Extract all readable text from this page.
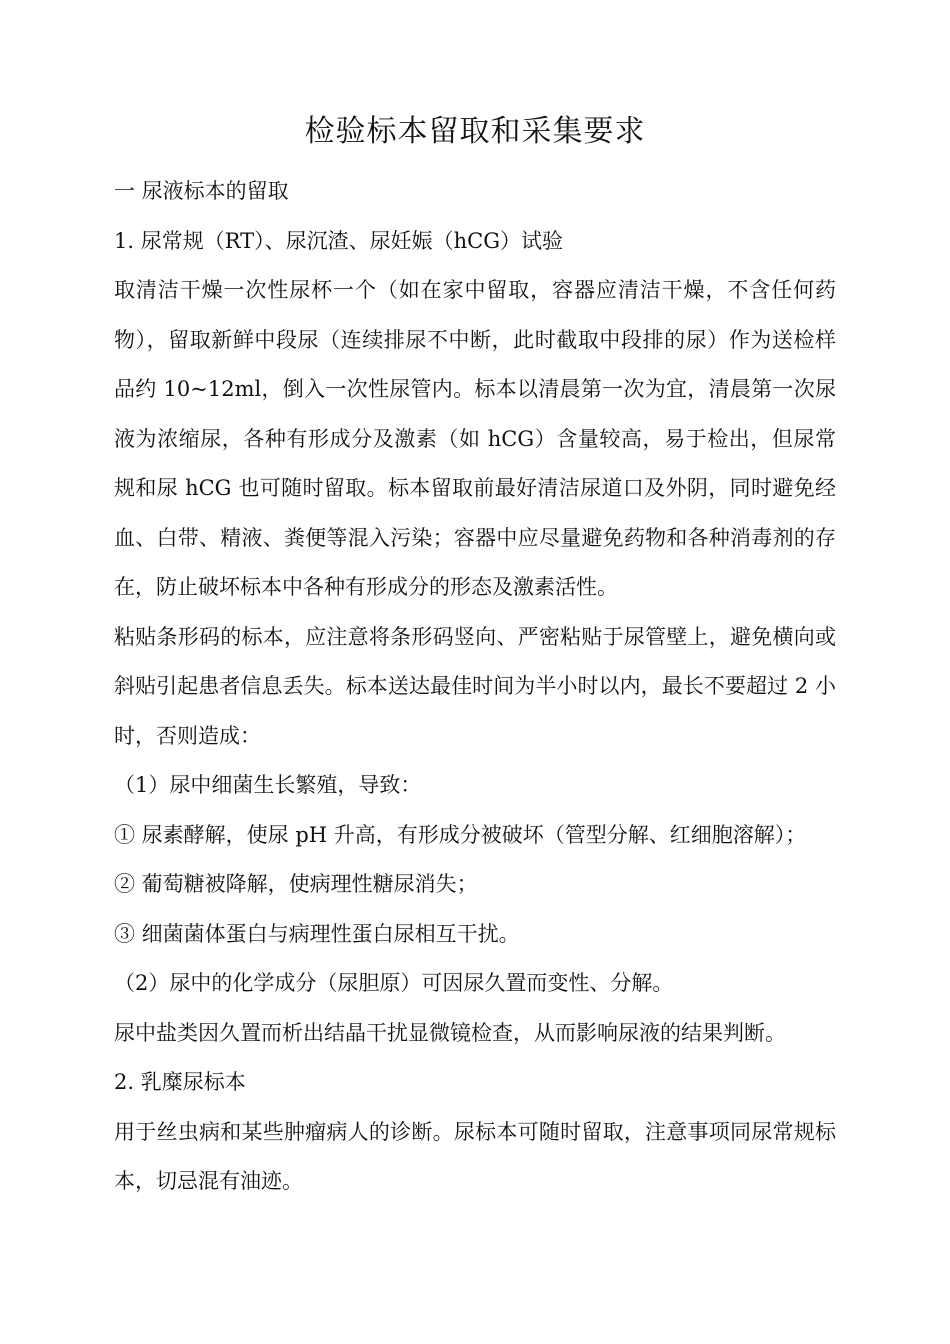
检验标本留取和采集要求

一 尿液标本的留取

1. 尿常规（RT）、尿沉渣、尿妊娠（hCG）试验

取清洁干燥一次性尿杯一个（如在家中留取，容器应清洁干燥，不含任何药物），留取新鲜中段尿（连续排尿不中断，此时截取中段排的尿）作为送检样品约 10~12ml，倒入一次性尿管内。标本以清晨第一次为宜，清晨第一次尿液为浓缩尿，各种有形成分及激素（如 hCG）含量较高，易于检出，但尿常规和尿 hCG 也可随时留取。标本留取前最好清洁尿道口及外阴，同时避免经血、白带、精液、粪便等混入污染；容器中应尽量避免药物和各种消毒剂的存在，防止破坏标本中各种有形成分的形态及激素活性。

粘贴条形码的标本，应注意将条形码竖向、严密粘贴于尿管壁上，避免横向或斜贴引起患者信息丢失。标本送达最佳时间为半小时以内，最长不要超过 2 小时，否则造成：

（1）尿中细菌生长繁殖，导致：

① 尿素酵解，使尿 pH 升高，有形成分被破坏（管型分解、红细胞溶解）；

② 葡萄糖被降解，使病理性糖尿消失；

③ 细菌菌体蛋白与病理性蛋白尿相互干扰。

（2）尿中的化学成分（尿胆原）可因尿久置而变性、分解。

尿中盐类因久置而析出结晶干扰显微镜检查，从而影响尿液的结果判断。

2. 乳糜尿标本

用于丝虫病和某些肿瘤病人的诊断。尿标本可随时留取，注意事项同尿常规标本，切忌混有油迹。
